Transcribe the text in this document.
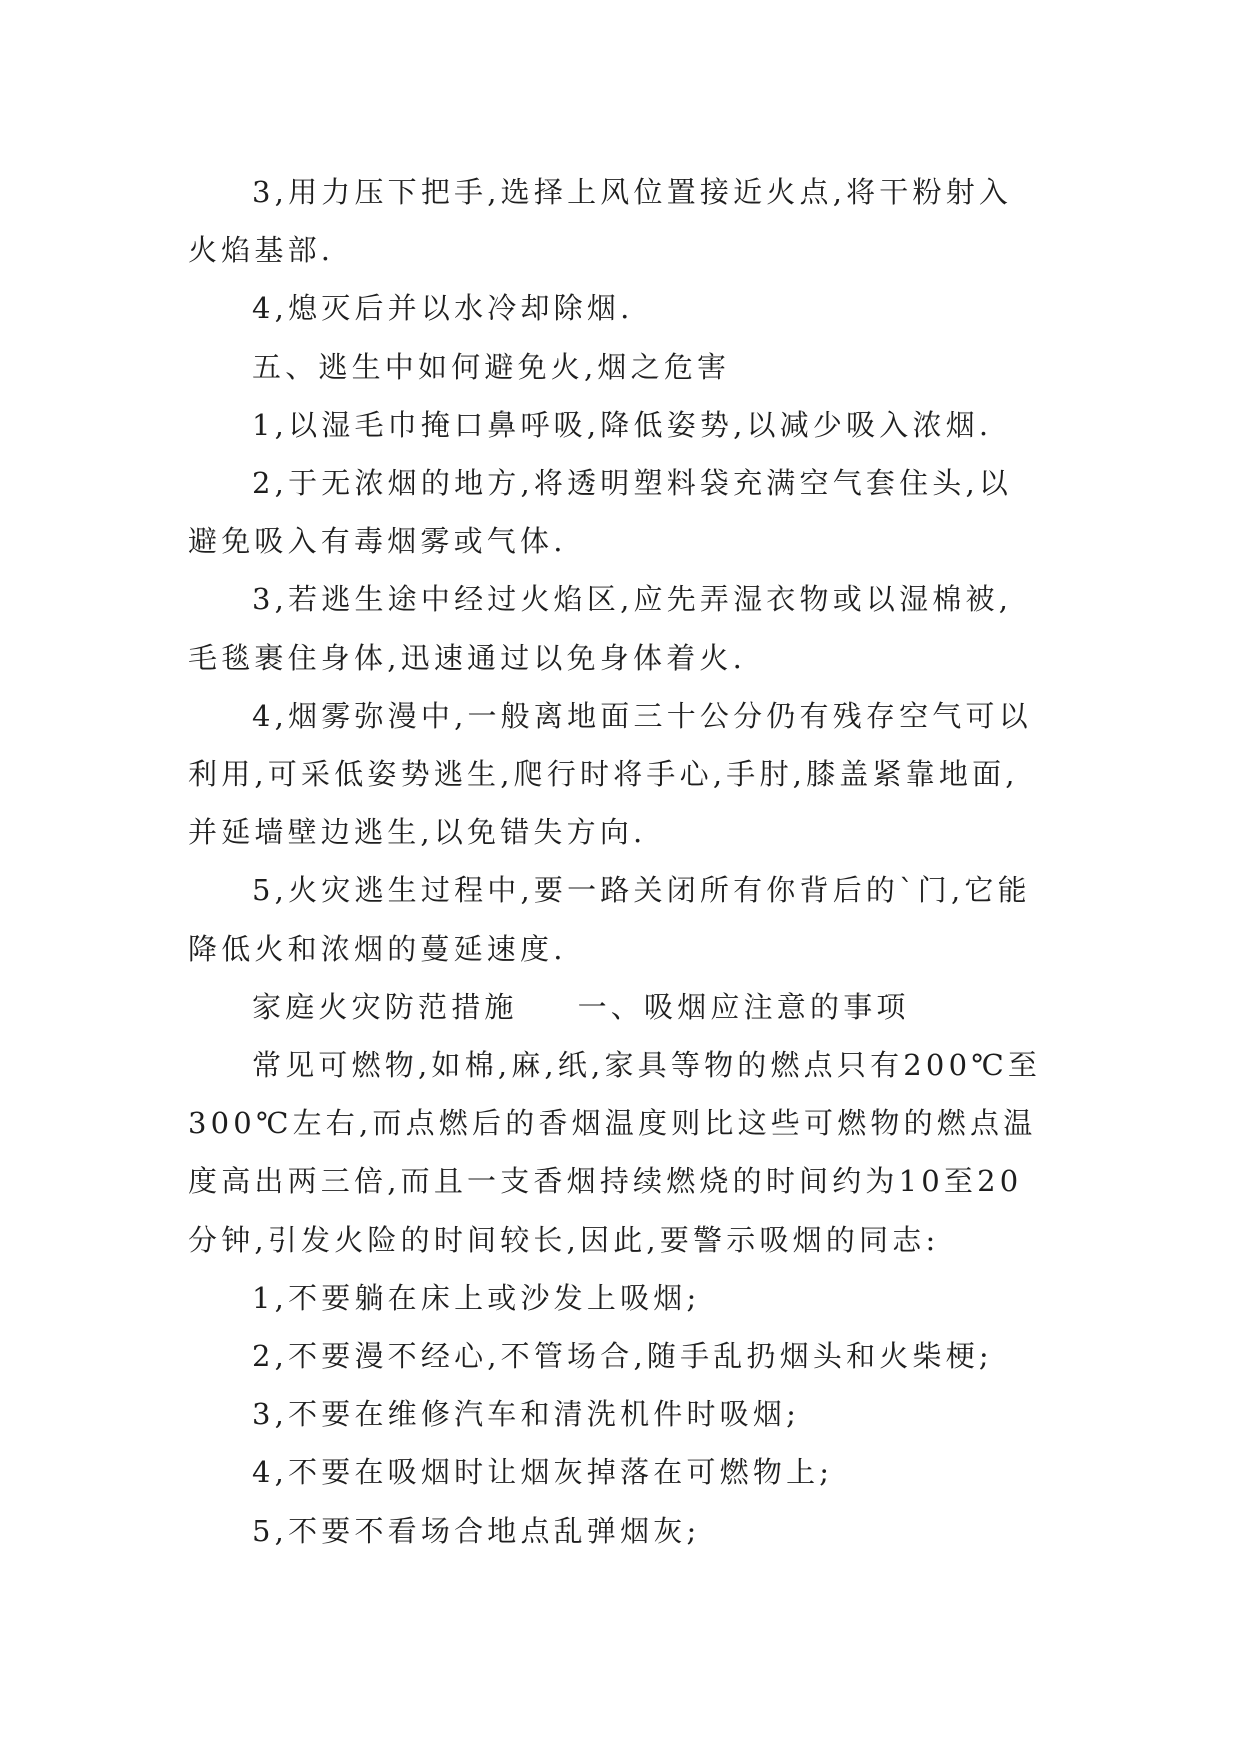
3,用力压下把手,选择上风位置接近火点,将干粉射入
火焰基部.

4,熄灭后并以水冷却除烟.

五、逃生中如何避免火,烟之危害

1,以湿毛巾掩口鼻呼吸,降低姿势,以减少吸入浓烟.

2,于无浓烟的地方,将透明塑料袋充满空气套住头,以
避免吸入有毒烟雾或气体.

3,若逃生途中经过火焰区,应先弄湿衣物或以湿棉被,
毛毯裹住身体,迅速通过以免身体着火.

4,烟雾弥漫中,一般离地面三十公分仍有残存空气可以
利用,可采低姿势逃生,爬行时将手心,手肘,膝盖紧靠地面,
并延墙壁边逃生,以免错失方向.

5,火灾逃生过程中,要一路关闭所有你背后的`门,它能
降低火和浓烟的蔓延速度.

家庭火灾防范措施 一、吸烟应注意的事项

常见可燃物,如棉,麻,纸,家具等物的燃点只有200℃至
300℃左右,而点燃后的香烟温度则比这些可燃物的燃点温
度高出两三倍,而且一支香烟持续燃烧的时间约为10至20
分钟,引发火险的时间较长,因此,要警示吸烟的同志:

1,不要躺在床上或沙发上吸烟;

2,不要漫不经心,不管场合,随手乱扔烟头和火柴梗;

3,不要在维修汽车和清洗机件时吸烟;

4,不要在吸烟时让烟灰掉落在可燃物上;

5,不要不看场合地点乱弹烟灰;
